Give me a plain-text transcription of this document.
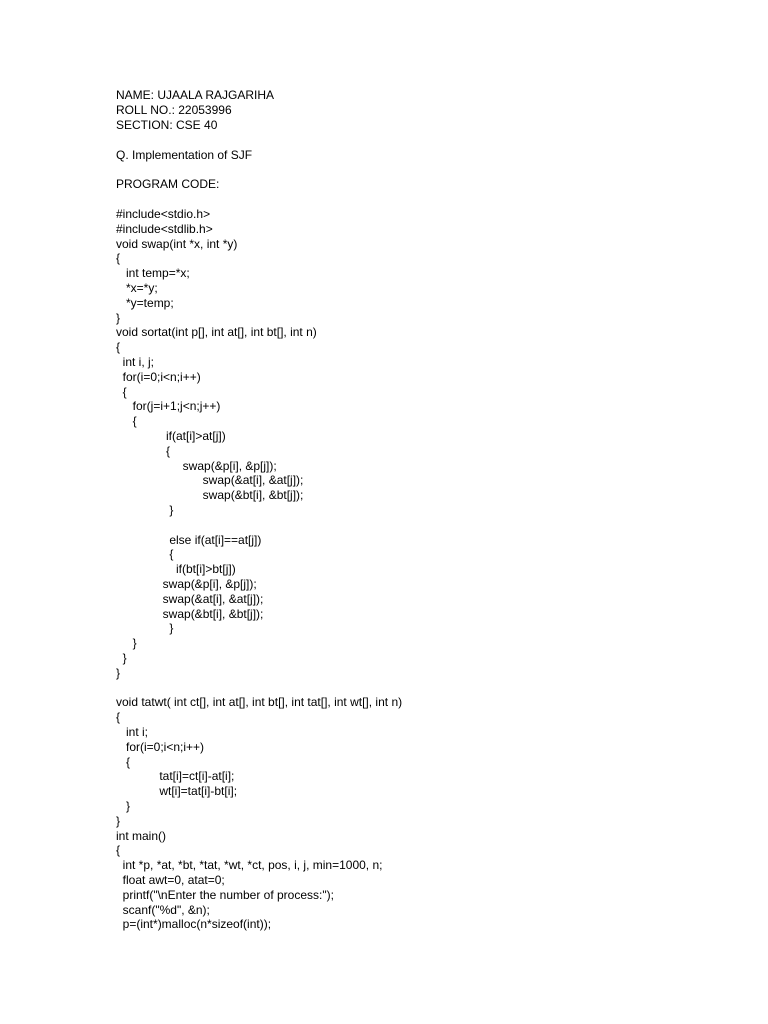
NAME: UJAALA RAJGARIHA
ROLL NO.: 22053996
SECTION: CSE 40
Q. Implementation of SJF
PROGRAM CODE:
#include<stdio.h>
#include<stdlib.h>
void swap(int *x, int *y)
{
int temp=*x;
*x=*y;
*y=temp;
}
void sortat(int p[], int at[], int bt[], int n)
{
int i, j;
for(i=0;i<n;i++)
{
for(j=i+1;j<n;j++)
{
if(at[i]>at[j])
{
swap(&p[i], &p[j]);
swap(&at[i], &at[j]);
swap(&bt[i], &bt[j]);
}
else if(at[i]==at[j])
{
if(bt[i]>bt[j])
swap(&p[i], &p[j]);
swap(&at[i], &at[j]);
swap(&bt[i], &bt[j]);
}
}
}
}
void tatwt( int ct[], int at[], int bt[], int tat[], int wt[], int n)
{
int i;
for(i=0;i<n;i++)
{
tat[i]=ct[i]-at[i];
wt[i]=tat[i]-bt[i];
}
}
int main()
{
int *p, *at, *bt, *tat, *wt, *ct, pos, i, j, min=1000, n;
float awt=0, atat=0;
printf("\nEnter the number of process:");
scanf("%d", &n);
p=(int*)malloc(n*sizeof(int));
